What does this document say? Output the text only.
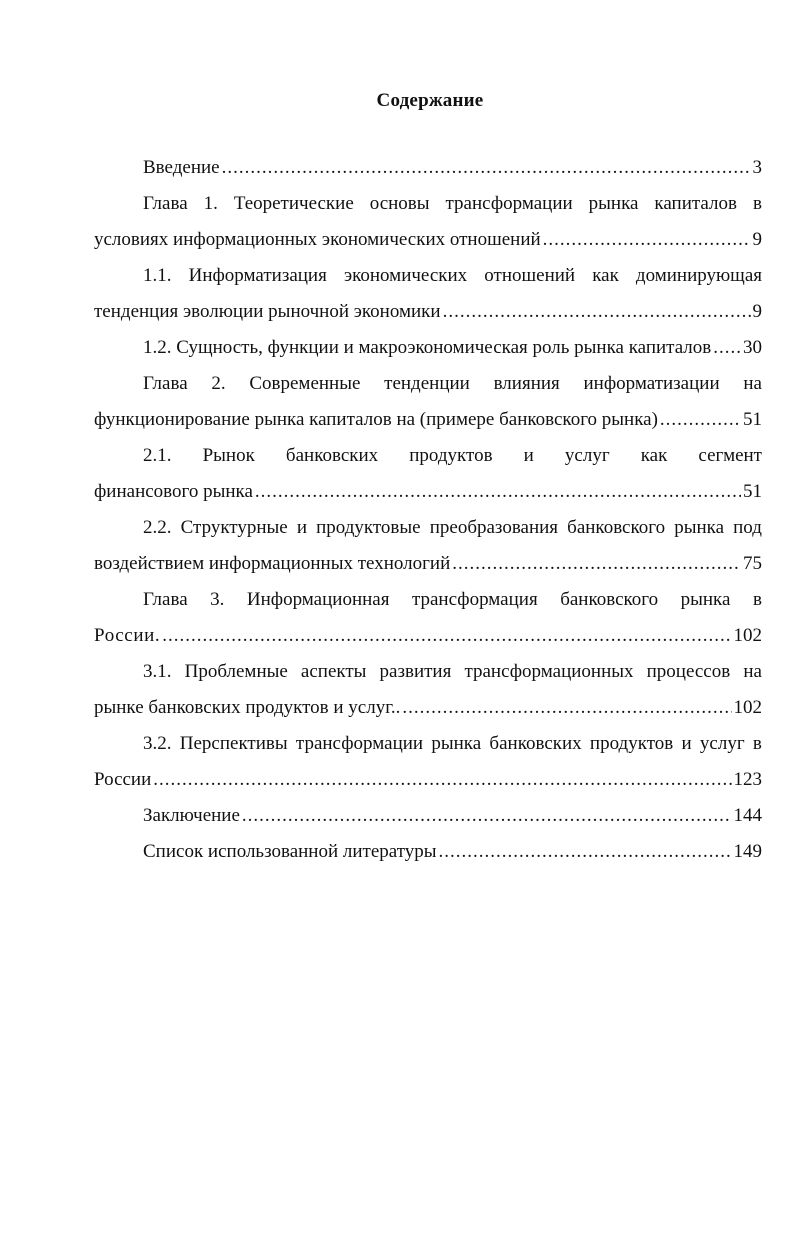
Содержание
Введение .....	3
Глава 1. Теоретические основы трансформации рынка капиталов в
условиях информационных экономических отношений .....	9
1.1. Информатизация экономических отношений как доминирующая
тенденция эволюции рыночной экономики .....	9
1.2. Сущность, функции и макроэкономическая роль рынка капиталов ..... 30
Глава 2. Современные тенденции влияния информатизации на
функционирование рынка капиталов на (примере банковского рынка) .....	51
2.1. Рынок банковских продуктов и услуг как сегмент
финансового рынка .....	51
2.2. Структурные и продуктовые преобразования банковского рынка под
воздействием информационных технологий .....	75
Глава 3. Информационная трансформация банковского рынка в
России. .....	102
3.1. Проблемные аспекты развития трансформационных процессов на
рынке банковских продуктов и услуг.. .....	102
3.2. Перспективы трансформации рынка банковских продуктов и услуг в
России .....	123
Заключение .....	144
Список использованной литературы .....	149
